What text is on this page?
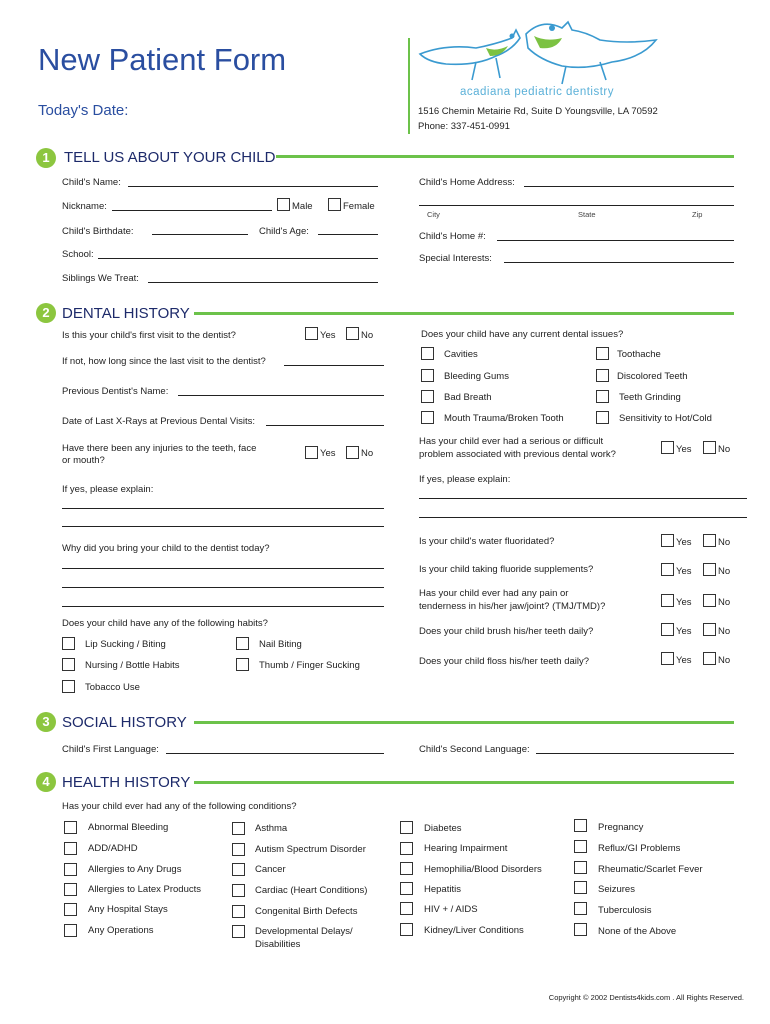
New Patient Form
Today's Date:
acadiana pediatric dentistry
1516 Chemin Metairie Rd, Suite D Youngsville, LA 70592
Phone: 337-451-0991
1 TELL US ABOUT YOUR CHILD
Child's Name:
Nickname:	Male	Female
Child's Birthdate:	Child's Age:
School:
Siblings We Treat:
Child's Home Address:
City	State	Zip
Child's Home #:
Special Interests:
2 DENTAL HISTORY
Is this your child's first visit to the dentist?	Yes	No
If not, how long since the last visit to the dentist?
Previous Dentist's Name:
Date of Last X-Rays at Previous Dental Visits:
Have there been any injuries to the teeth, face
or mouth?
Yes	No
If yes, please explain:
Why did you bring your child to the dentist today?
Does your child have any of the following habits?
Lip Sucking / Biting	Nail Biting
Nursing / Bottle Habits	Thumb / Finger Sucking
Tobacco Use
Does your child have any current dental issues?
Cavities	Toothache
Bleeding Gums	Discolored Teeth
Bad Breath	Teeth Grinding
Mouth Trauma/Broken Tooth	Sensitivity to Hot/Cold
Has your child ever had a serious or difficult
problem associated with previous dental work?	Yes	No
If yes, please explain:
Is your child's water fluoridated?	Yes	No
Is your child taking fluoride supplements?	Yes	No
Has your child ever had any pain or
tenderness in his/her jaw/joint? (TMJ/TMD)?	Yes	No
Does your child brush his/her teeth daily?	Yes	No
Does your child floss his/her teeth daily?	Yes	No
3 SOCIAL HISTORY
Child's First Language:	Child's Second Language:
4 HEALTH HISTORY
Has your child ever had any of the following conditions?
Abnormal Bleeding
ADD/ADHD
Allergies to Any Drugs
Allergies to Latex Products
Any Hospital Stays
Any Operations
Asthma
Autism Spectrum Disorder
Cancer
Cardiac (Heart Conditions)
Congenital Birth Defects
Developmental Delays/
Disabilities
Diabetes
Hearing Impairment
Hemophilia/Blood Disorders
Hepatitis
HIV + / AIDS
Kidney/Liver Conditions
Pregnancy
Reflux/GI Problems
Rheumatic/Scarlet Fever
Seizures
Tuberculosis
None of the Above
Copyright © 2002 Dentists4kids.com . All Rights Reserved.
